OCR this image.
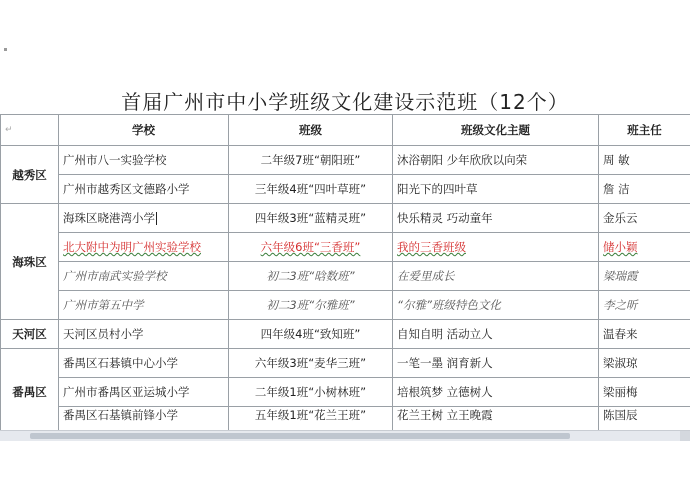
首届广州市中小学班级文化建设示范班（12个）
↵	学校	班级	班级文化主题	班主任
越秀区	广州市八一实验学校	二年级7班“朝阳班”	沐浴朝阳 少年欣欣以向荣	周 敏
	广州市越秀区文德路小学	三年级4班“四叶草班”	阳光下的四叶草	詹 洁
海珠区	海珠区晓港湾小学	四年级3班“蓝精灵班”	快乐精灵 巧动童年	金乐云
	北大附中为明广州实验学校	六年级6班“三香班”	我的三香班级	储小颖
	广州市南武实验学校	初二3班“晗数班”	在爱里成长	梁瑞霞
	广州市第五中学	初二3班“尔雅班”	“尔雅”班级特色文化	李之昕
天河区	天河区员村小学	四年级4班“致知班”	自知自明 活动立人	温春来
番禺区	番禺区石碁镇中心小学	六年级3班“麦华三班”	一笔一墨 润育新人	梁淑琼
	广州市番禺区亚运城小学	二年级1班“小树林班”	培根筑梦 立德树人	梁丽梅
	番禺区石基镇前锋小学	五年级1班“花兰王班”	花兰王树 立王晚霞	陈国辰
